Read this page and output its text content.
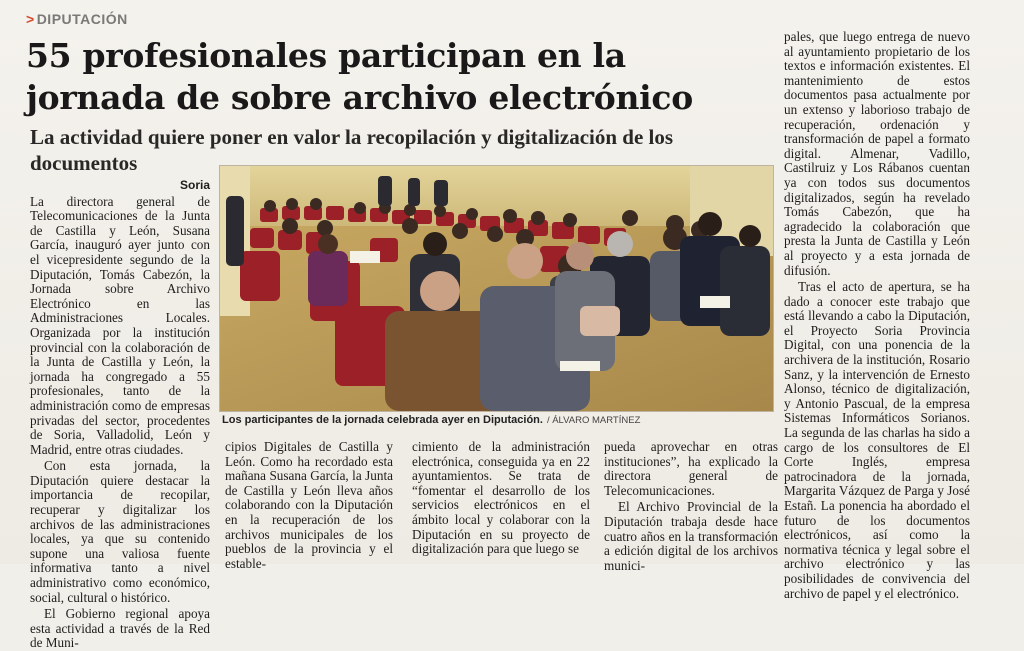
> DIPUTACIÓN
55 profesionales participan en la jornada de sobre archivo electrónico
La actividad quiere poner en valor la recopilación y digitalización de los documentos
Soria

La directora general de Telecomunicaciones de la Junta de Castilla y León, Susana García, inauguró ayer junto con el vicepresidente segundo de la Diputación, Tomás Cabezón, la Jornada sobre Archivo Electrónico en las Administraciones Locales. Organizada por la institución provincial con la colaboración de la Junta de Castilla y León, la jornada ha congregado a 55 profesionales, tanto de la administración como de empresas privadas del sector, procedentes de Soria, Valladolid, León y Madrid, entre otras ciudades.

Con esta jornada, la Diputación quiere destacar la importancia de recopilar, recuperar y digitalizar los archivos de las administraciones locales, ya que su contenido supone una valiosa fuente informativa tanto a nivel administrativo como económico, social, cultural o histórico.

El Gobierno regional apoya esta actividad a través de la Red de Muni-

Los participantes de la jornada celebrada ayer en Diputación. / ÁLVARO MARTÍNEZ

cipios Digitales de Castilla y León. Como ha recordado esta mañana Susana García, la Junta de Castilla y León lleva años colaborando con la Diputación en la recuperación de los archivos municipales de los pueblos de la provincia y el estable-

cimiento de la administración electrónica, conseguida ya en 22 ayuntamientos. Se trata de “fomentar el desarrollo de los servicios electrónicos en el ámbito local y colaborar con la Diputación en su proyecto de digitalización para que luego se

pueda aprovechar en otras instituciones”, ha explicado la directora general de Telecomunicaciones.

El Archivo Provincial de la Diputación trabaja desde hace cuatro años en la transformación a edición digital de los archivos munici-

pales, que luego entrega de nuevo al ayuntamiento propietario de los textos e información existentes. El mantenimiento de estos documentos pasa actualmente por un extenso y laborioso trabajo de recuperación, ordenación y transformación de papel a formato digital. Almenar, Vadillo, Castilruiz y Los Rábanos cuentan ya con todos sus documentos digitalizados, según ha revelado Tomás Cabezón, que ha agradecido la colaboración que presta la Junta de Castilla y León al proyecto y a esta jornada de difusión.

Tras el acto de apertura, se ha dado a conocer este trabajo que está llevando a cabo la Diputación, el Proyecto Soria Provincia Digital, con una ponencia de la archivera de la institución, Rosario Sanz, y la intervención de Ernesto Alonso, técnico de digitalización, y Antonio Pascual, de la empresa Sistemas Informáticos Sorianos. La segunda de las charlas ha sido a cargo de los consultores de El Corte Inglés, empresa patrocinadora de la jornada, Margarita Vázquez de Parga y José Estañ. La ponencia ha abordado el futuro de los documentos electrónicos, así como la normativa técnica y legal sobre el archivo electrónico y las posibilidades de convivencia del archivo de papel y el electrónico.
